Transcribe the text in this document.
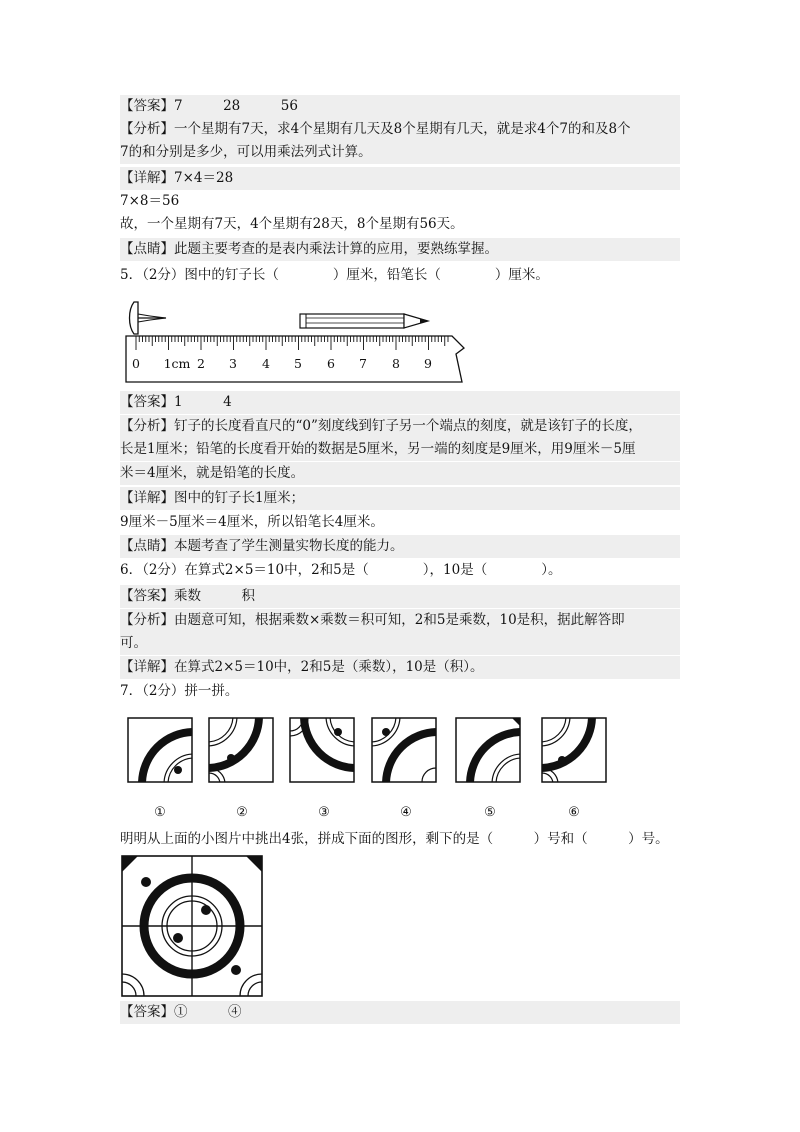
【答案】7　　　28　　　56
【分析】一个星期有7天，求4个星期有几天及8个星期有几天，就是求4个7的和及8个
7的和分别是多少，可以用乘法列式计算。
【详解】7×4＝28
7×8＝56
故，一个星期有7天，4个星期有28天，8个星期有56天。
【点睛】此题主要考查的是表内乘法计算的应用，要熟练掌握。
5．（2分）图中的钉子长（　　　　）厘米，铅笔长（　　　　）厘米。
0 1cm 2 3 4 5 6 7 8 9
【答案】1　　　4
【分析】钉子的长度看直尺的“0”刻度线到钉子另一个端点的刻度，就是该钉子的长度，
长是1厘米；铅笔的长度看开始的数据是5厘米，另一端的刻度是9厘米，用9厘米－5厘
米＝4厘米，就是铅笔的长度。
【详解】图中的钉子长1厘米；
9厘米－5厘米＝4厘米，所以铅笔长4厘米。
【点睛】本题考查了学生测量实物长度的能力。
6．（2分）在算式2×5＝10中，2和5是（　　　　），10是（　　　　）。
【答案】乘数　　　积
【分析】由题意可知，根据乘数×乘数＝积可知，2和5是乘数，10是积，据此解答即
可。
【详解】在算式2×5＝10中，2和5是（乘数），10是（积）。
7．（2分）拼一拼。
①	②	③	④	⑤	⑥
明明从上面的小图片中挑出4张，拼成下面的图形，剩下的是（　　　）号和（　　　）号。
【答案】①　　　④
